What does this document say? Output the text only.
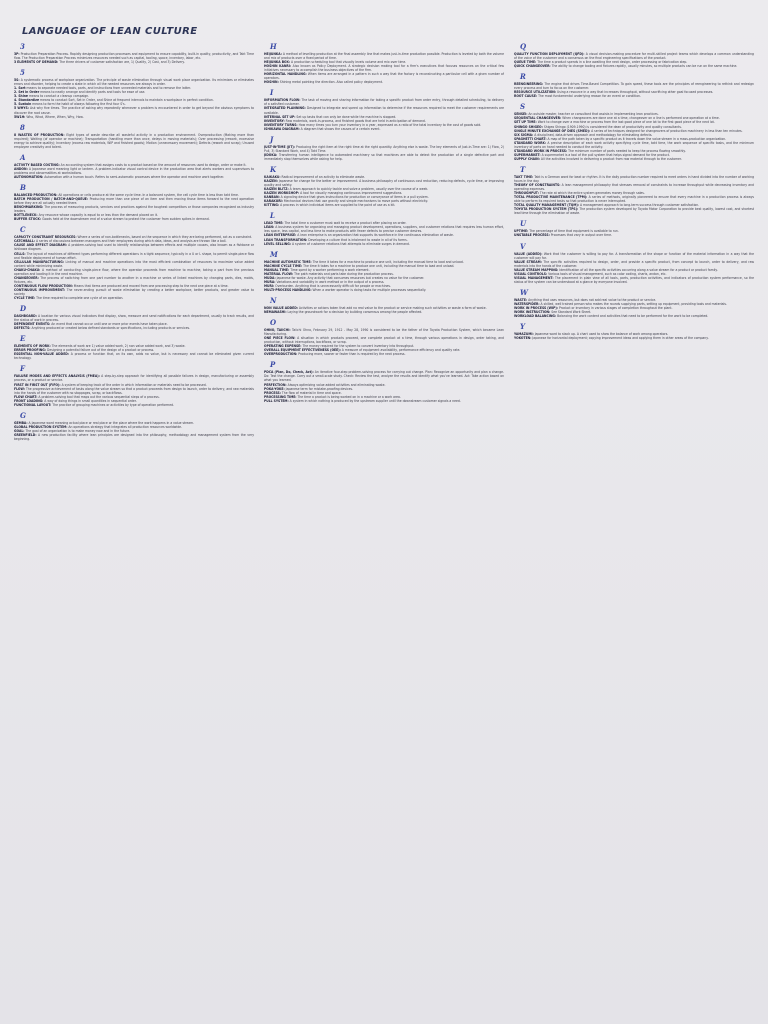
LANGUAGE OF LEAN CULTURE
3

3P: Production Preparation Process. Rapidly designing production processes and equipment to ensure capability, built-in quality, productivity, and Takt Time flow. The Production Preparation Process minimizes resources needed such as capital, tooling, space, inventory, labor, etc.

3 ELEMENTS OF DEMAND: The three drivers of customer satisfaction are, 1) Quality, 2) Cost, and 3) Delivery.

5

5S: A systematic process of workplace organization. The principle of waste elimination through visual work place organization. Its minimizes or eliminates errors and disorder, helping to create a state in which all the needed resources are always in order.

1. Sort means to separate needed tools, parts, and instructions from unneeded materials and to remove the latter.

2. Set in Order means to neatly arrange and identify parts and tools for ease of use.

3. Shine means to conduct a cleanup campaign.

4. Standardize means to conduct Sort, Set in Order, and Shine at frequent intervals to maintain a workplace in perfect condition.

5. Sustain means to form the habit of always following the first four S's.

5 WHYS: Ask why five times. The practice of asking why repeatedly whenever a problem is encountered in order to get beyond the obvious symptoms to discover the root cause.

5W1H: Who, What, Where, When, Why, How.

8

8 WASTES OF PRODUCTION: Eight types of waste describe all wasteful activity in a production environment. Overproduction (Making more than required); Waiting (of operator or machine); Transportation (handling more than once, delays in moving materials); Over processing (rework, excessive energy to achieve quality); Inventory (excess raw materials, WIP and finished goods); Motion (unnecessary movement); Defects (rework and scrap); Unused employee creativity and talent.

A

ACTIVITY BASED COSTING: An accounting system that assigns costs to a product based on the amount of resources used to design, order or make it.

ANDON: A Japanese word meaning light or lantern. A problem-indicator visual control device in the production area that alerts workers and supervisors to problems and abnormalities at workstations.

AUTONOMATION: Automation with a human touch. Refers to semi-automatic processes where the operator and machine work together.

B

BALANCED PRODUCTION: All operations or cells produce at the same cycle time. In a balanced system, the cell cycle time is less than takt time.

BATCH PRODUCTION / BATCH-AND-QUEUE: Producing more than one piece of an item and then moving those items forward to the next operation before they are all actually needed there.

BENCHMARKING: The process of measuring products, services and practices against the toughest competitors or those companies recognized as industry leaders.

BOTTLENECK: Any resource whose capacity is equal to or less than the demand placed on it.

BUFFER STOCK: Goods held at the downstream end of a value stream to protect the customer from sudden spikes in demand.

C

CAPACITY CONSTRAINT RESOURCES: Where a series of non-bottlenecks, based on the sequence in which they are being performed, act as a constraint.

CATCHBALL: A series of discussions between managers and their employees during which data, ideas, and analysis are thrown like a ball.

CAUSE AND EFFECT DIAGRAM: A problem-solving tool used to identify relationships between effects and multiple causes, also known as a fishbone or Ishikawa diagram.

CELLS: The layout of machines of different types performing different operations in a tight sequence, typically in a U or L shape, to permit single-piece flow and flexible deployment of human effort.

CELLULAR MANUFACTURING: Linking of manual and machine operations into the most efficient combination of resources to maximize value added content while minimizing waste.

CHAKU-CHAKU: A method of conducting single-piece flow, where the operator proceeds from machine to machine, taking a part from the previous operation and loading it in the next machine.

CHANGEOVER: The process of switching from one part number to another in a machine or series of linked machines by changing parts, dies, molds, fixtures, etc.

CONTINUOUS FLOW PRODUCTION: Means that items are produced and moved from one processing step to the next one piece at a time.

CONTINUOUS IMPROVEMENT: The never-ending pursuit of waste elimination by creating a better workplace, better products, and greater value to society.

CYCLE TIME: The time required to complete one cycle of an operation.

D

DASHBOARD: A location for various visual indicators that display, show, measure and send notifications for each department, usually to track results, and the status of work in process.

DEPENDENT EVENTS: An event that cannot occur until one or more prior events have taken place.

DEFECTS: Anything produced or created below defined standards or specifications, including products or services.

E

ELEMENTS OF WORK: The elements of work are 1) value added work, 2) non value added work, and 3) waste.

ERROR PROOFING: Designing a potential failure out of the design of a product or process.

ESSENTIAL NON-VALUE ADDED: A process or function that, on its own, adds no value, but is necessary and cannot be eliminated given current technology.

F

FAILURE MODES AND EFFECTS ANALYSIS (FMEA): A step-by-step approach for identifying all possible failures in design, manufacturing or assembly process, or a product or service.

FIRST IN FIRST OUT (FIFO): A system of keeping track of the order in which information or materials need to be processed.

FLOW: The progressive achievement of tasks along the value stream so that a product proceeds from design to launch, order to delivery, and raw materials into the hands of the customer with no stoppages, scrap, or backflows.

FLOW CHART: A problem-solving tool that maps out the various sequential steps of a process.

FRONT LOADING: A way of doing things in small quantities in sequential order.

FUNCTIONAL LAYOUT: The practice of grouping machines or activities by type of operation performed.

G

GEMBA: A Japanese word meaning actual place or real place or the place where the work happens in a value stream.

GLOBAL PRODUCTION SYSTEM: An operations strategy that integrates all production resources worldwide.

GOAL: The goal of an organization is to make money now and in the future.

GREENFIELD: A new production facility where lean principles are designed into the philosophy, methodology and management system from the very beginning.

H

HEIJUNKA: A method of levelling production at the final assembly line that makes just-in-time production possible. Production is leveled by both the volume and mix of products over a fixed period of time.

HEIJUNKA BOX: A production scheduling tool that visually levels volume and mix over time.

HOSHIN KANRI: Also known as Policy Deployment. A strategic decision making tool for a firm's executives that focuses resources on the critical few initiatives necessary to accomplish the business objectives of the firm.

HORIZONTAL HANDLING: When items are arranged in a pattern in such a way that the factory is reconstructing a particular cell with a given number of operators.

HOSHIN: Shining metal pointing the direction. Also called policy deployment.

I

INFORMATION FLOW: The task of moving and sharing information for taking a specific product from order entry, through detailed scheduling, to delivery of a satisfied customer.

INTEGRATED PLANNING: Designed to integrate and speed up information to determine if the resources required to meet the customer requirements are available.

INTERNAL SET UP: Set up tasks that can only be done while the machine is stopped.

INVENTORY: Raw materials, work-in-process, and finished goods that are held in anticipation of demand.

INVENTORY TURNS: How many times you turn your inventory in a year, expressed as a ratio of the total inventory to the cost of goods sold.

ISHIKAWA DIAGRAM: A diagram that shows the causes of a certain event.

J

JUST-IN-TIME (JIT): Producing the right item at the right time at the right quantity. Anything else is waste. The key elements of Just-in-Time are: 1) Flow, 2) Pull, 3) Standard Work, and 4) Takt Time.

JIDOKA: Transferring human intelligence to automated machinery so that machines are able to detect the production of a single defective part and immediately stop themselves while asking for help.

K

KAIKAKU: Radical improvement of an activity to eliminate waste.

KAIZEN: Japanese for change for the better or improvement. A business philosophy of continuous cost reduction, reducing defects, cycle time, or improving quality and safety.

KAIZEN BLITZ: A team approach to quickly tackle and solve a problem, usually over the course of a week.

KAIZEN WORKSHOP: A tool for visually managing continuous improvement suggestions.

KANBAN: A signaling device that gives instructions for production or conveyance of items in a pull system.

KARAKURI: Mechanical devices that use gravity and simple mechanisms to move parts without electricity.

KITTING: A process in which individual items are supplied to the point of use as a kit.

L

LEAD TIME: The total time a customer must wait to receive a product after placing an order.

LEAN: A business system for organizing and managing product development, operations, suppliers, and customer relations that requires less human effort, less space, less capital, and less time to make products with fewer defects to precise customer desires.

LEAN ENTERPRISE: A lean enterprise is an organization that supports its workforce in the continuous elimination of waste.

LEAN TRANSFORMATION: Developing a culture that is intolerant to waste in all of its forms.

LEVEL SELLING: A system of customer relations that attempts to eliminate surges in demand.

M

MACHINE AUTOMATIC TIME: The time it takes for a machine to produce one unit, including the manual time to load and unload.

MACHINE CYCLE TIME: The time it takes for a machine to produce one unit, including the manual time to load and unload.

MANUAL TIME: Time spent by a worker performing a work element.

MATERIAL FLOW: The path materials and parts take during the production process.

MUDA: Japanese for waste. Any activity that consumes resources but creates no value for the customer.

MURA: Variations and variability in work method or in the output of a process.

MURI: Overburden. Anything that is unnecessarily difficult for people or machines.

MULTI-PROCESS HANDLING: When a worker operator is doing tasks for multiple processes sequentially.

N

NON VALUE ADDED: Activities or actions taken that add no real value to the product or service making such activities or waste a form of waste.

NEMAWASHI: Laying the groundwork for a decision by building consensus among the people affected.

O

OHNO, TAIICHI: Taiichi Ohno, February 29, 1912 - May 28, 1990 is considered to be the father of the Toyota Production System, which became Lean Manufacturing.

ONE PIECE FLOW: A situation in which products proceed, one complete product at a time, through various operations in design, order taking, and production, without interruptions, backflows, or scrap.

OPERATING EXPENSE: The money required for the system to convert inventory into throughput.

OVERALL EQUIPMENT EFFECTIVENESS (OEE): A measure of equipment availability, performance efficiency and quality rate.

OVERPRODUCTION: Producing more, sooner or faster than is required by the next process.

P

PDCA (Plan, Do, Check, Act): An iterative four-step problem-solving process for carrying out change. Plan: Recognize an opportunity and plan a change. Do: Test the change. Carry out a small-scale study. Check: Review the test, analyze the results and identify what you've learned. Act: Take action based on what you learned.

PERFECTION: Always optimizing value added activities and eliminating waste.

POKA-YOKE: Japanese term for mistake-proofing devices.

PROCESS: The flow of material in time and space.

PROCESSING TIME: The time a product is being worked on in a machine or a work area.

PULL SYSTEM: A system in which nothing is produced by the upstream supplier until the downstream customer signals a need.

Q

QUALITY FUNCTION DEPLOYMENT (QFD): A visual decision-making procedure for multi-skilled project teams which develops a common understanding of the voice of the customer and a consensus on the final engineering specifications of the product.

QUEUE TIME: The time a product spends in a line awaiting the next design, order processing or fabrication step.

QUICK CHANGEOVER: The ability to change tooling and fixtures rapidly, usually minutes, so multiple products can be run on the same machine.

R

REENGINEERING: The engine that drives Time-Based Competition. To gain speed, these tools are the principles of reengineering to rethink and redesign every process and turn to focus on the customer.

RESOURCE UTILIZATION: Using a resource in a way that increases throughput, without sacrificing other goal focused processes.

ROOT CAUSE: The most fundamental underlying reason for an event or condition.

S

SENSEI: An outside master, teacher or consultant that assists in implementing lean practices.

SEQUENTIAL CHANGEOVER: When changeovers are done one at a time, changeover on a line is performed one operation at a time.

SET UP TIME: Work to change over a machine or process from the last good piece of one lot to the first good piece of the next lot.

SHINGO SHIGEO: Shigeo Shingo (1909-1990) is considered the dean of productivity and quality consultants.

SINGLE MINUTE EXCHANGE OF DIES (SMED): A series of techniques designed for changeovers of production machinery in less than ten minutes.

SIX SIGMA: A disciplined, data-driven approach and methodology for eliminating defects.

SPAGHETTI CHART: A map of the path taken by a specific product as it travels down the value stream in a mass-production organization.

STANDARD WORK: A precise description of each work activity specifying cycle time, takt time, the work sequence of specific tasks, and the minimum inventory of parts on hand needed to conduct the activity.

STANDARD WORK IN PROCESS: The minimum number of parts needed to keep the process flowing smoothly.

SUPERMARKET: A supermarket is a tool of the pull system that helps signal demand for the product.

SUPPLY CHAIN: All the activities involved in delivering a product from raw material through to the customer.

T

TAKT TIME: Takt is a German word for beat or rhythm. It is the daily production number required to meet orders in hand divided into the number of working hours in the day.

THEORY OF CONSTRAINTS: A lean management philosophy that stresses removal of constraints to increase throughput while decreasing inventory and operating expenses.

THROUGHPUT: The rate at which the entire system generates money through sales.

TOTAL PRODUCTIVE MAINTENANCE (TPM): A series of methods, originally pioneered to ensure that every machine in a production process is always able to perform its required tasks so that production is never interrupted.

TOTAL QUALITY MANAGEMENT (TQM): A management approach to long-term success through customer satisfaction.

TOYOTA PRODUCTION SYSTEM (TPS): The production system developed by Toyota Motor Corporation to provide best quality, lowest cost, and shortest lead time through the elimination of waste.

U

UPTIME: The percentage of time that equipment is available to run.

UNSTABLE PROCESS: Processes that vary in output over time.

V

VALUE (ADDED): Work that the customer is willing to pay for. A transformation of the shape or function of the material information in a way that the customer will pay for.

VALUE STREAM: The specific activities required to design, order, and provide a specific product, from concept to launch, order to delivery, and raw materials into the hands of the customer.

VALUE STREAM MAPPING: Identification of all the specific activities occurring along a value stream for a product or product family.

VISUAL CONTROLS: Various tools of visual management, such as color coding, charts, andon, etc.

VISUAL MANAGEMENT: The placement in plain view of all tools, parts, production activities, and indicators of production system performance, so the status of the system can be understood at a glance by everyone involved.

W

WASTE: Anything that uses resources, but does not add real value to the product or service.

WATERSPIDER: A skilled, well trained person who makes the rounds supplying parts, setting up equipment, providing tools and materials.

WORK IN PROCESS (WIP): Product or inventory in various stages of completion throughout the plant.

WORK INSTRUCTION: See Standard Work Sheet.

WORKLOAD BALANCING: Balancing the work content and activities that need to be performed for the work to be completed.

Y

YAMAZUMI: Japanese word to stack up. A chart used to show the balance of work among operators.

YOKOTEN: Japanese for horizontal deployment; copying improvement ideas and applying them in other areas of the company.
